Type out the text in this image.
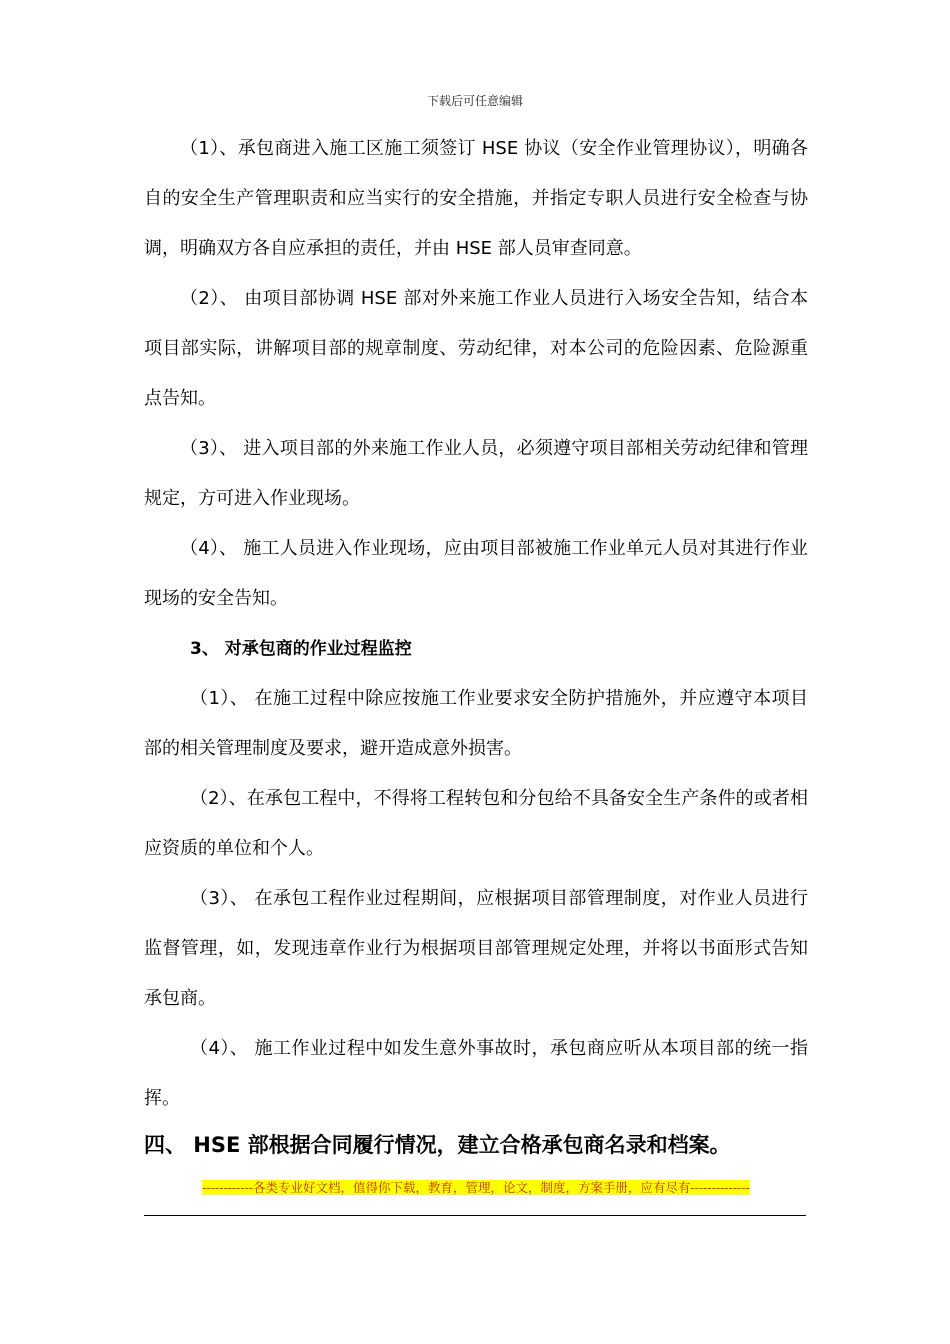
下载后可任意编辑

（1）、承包商进入施工区施工须签订 HSE 协议（安全作业管理协议），明确各自的安全生产管理职责和应当实行的安全措施，并指定专职人员进行安全检查与协调，明确双方各自应承担的责任，并由 HSE 部人员审查同意。

（2）、 由项目部协调 HSE 部对外来施工作业人员进行入场安全告知，结合本项目部实际，讲解项目部的规章制度、劳动纪律，对本公司的危险因素、危险源重点告知。

（3）、 进入项目部的外来施工作业人员，必须遵守项目部相关劳动纪律和管理规定，方可进入作业现场。

（4）、 施工人员进入作业现场，应由项目部被施工作业单元人员对其进行作业现场的安全告知。

3、 对承包商的作业过程监控

（1）、 在施工过程中除应按施工作业要求安全防护措施外，并应遵守本项目部的相关管理制度及要求，避开造成意外损害。

（2）、在承包工程中，不得将工程转包和分包给不具备安全生产条件的或者相应资质的单位和个人。

（3）、 在承包工程作业过程期间，应根据项目部管理制度，对作业人员进行监督管理，如，发现违章作业行为根据项目部管理规定处理，并将以书面形式告知承包商。

（4）、 施工作业过程中如发生意外事故时，承包商应听从本项目部的统一指挥。

四、 HSE 部根据合同履行情况，建立合格承包商名录和档案。
------------各类专业好文档，值得你下载，教育，管理，论文，制度，方案手册，应有尽有--------------
